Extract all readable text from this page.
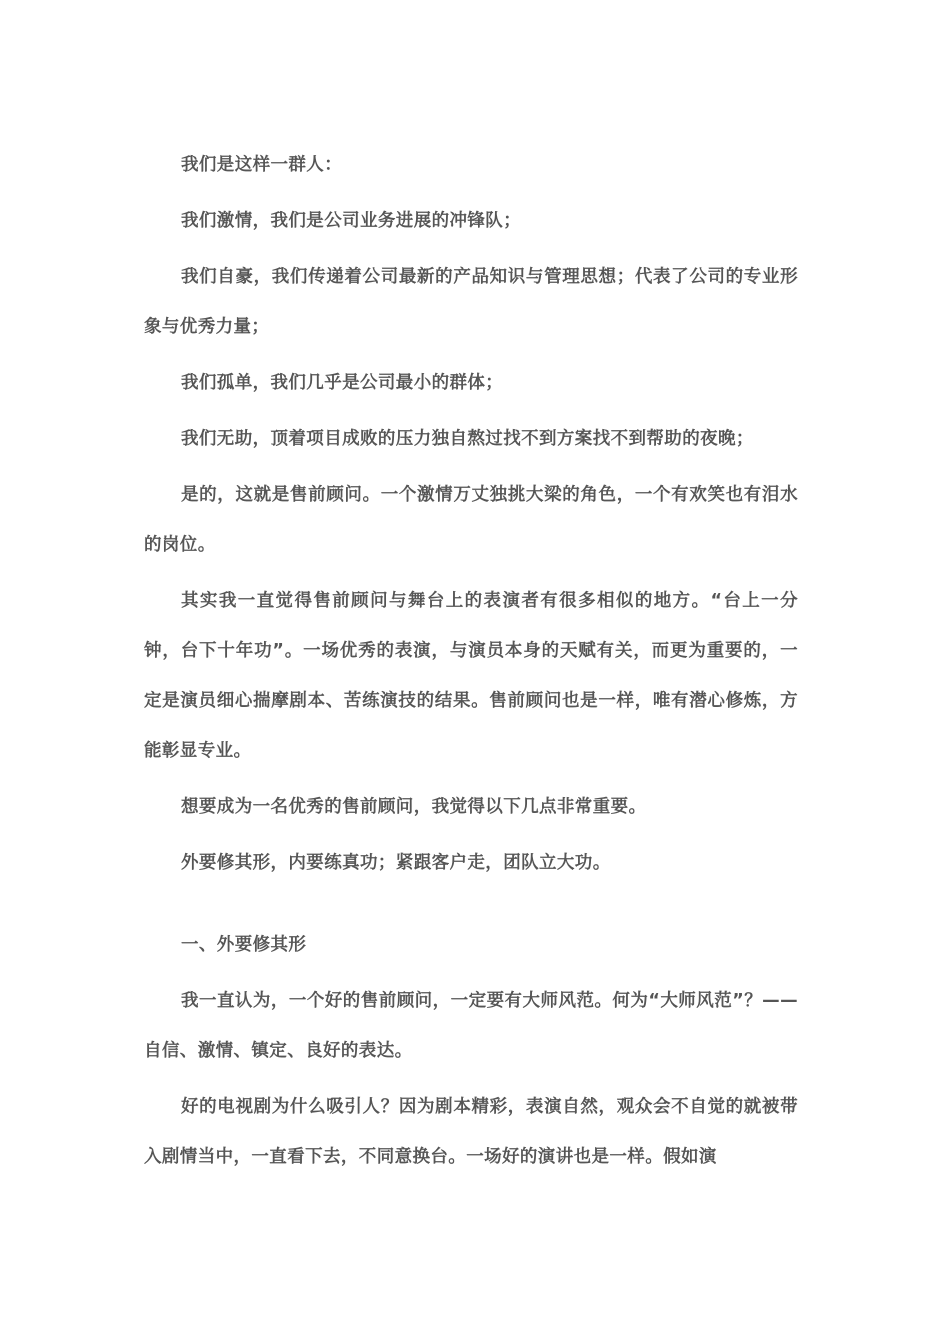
我们是这样一群人：

我们激情，我们是公司业务进展的冲锋队；

我们自豪，我们传递着公司最新的产品知识与管理思想；代表了公司的专业形象与优秀力量；

我们孤单，我们几乎是公司最小的群体；

我们无助，顶着项目成败的压力独自熬过找不到方案找不到帮助的夜晚；

是的，这就是售前顾问。一个激情万丈独挑大梁的角色，一个有欢笑也有泪水的岗位。

其实我一直觉得售前顾问与舞台上的表演者有很多相似的地方。“台上一分钟，台下十年功”。一场优秀的表演，与演员本身的天赋有关，而更为重要的，一定是演员细心揣摩剧本、苦练演技的结果。售前顾问也是一样，唯有潜心修炼，方能彰显专业。

想要成为一名优秀的售前顾问，我觉得以下几点非常重要。

外要修其形，内要练真功；紧跟客户走，团队立大功。

一、外要修其形

我一直认为，一个好的售前顾问，一定要有大师风范。何为“大师风范”？——自信、激情、镇定、良好的表达。

好的电视剧为什么吸引人？因为剧本精彩，表演自然，观众会不自觉的就被带入剧情当中，一直看下去，不同意换台。一场好的演讲也是一样。假如演
